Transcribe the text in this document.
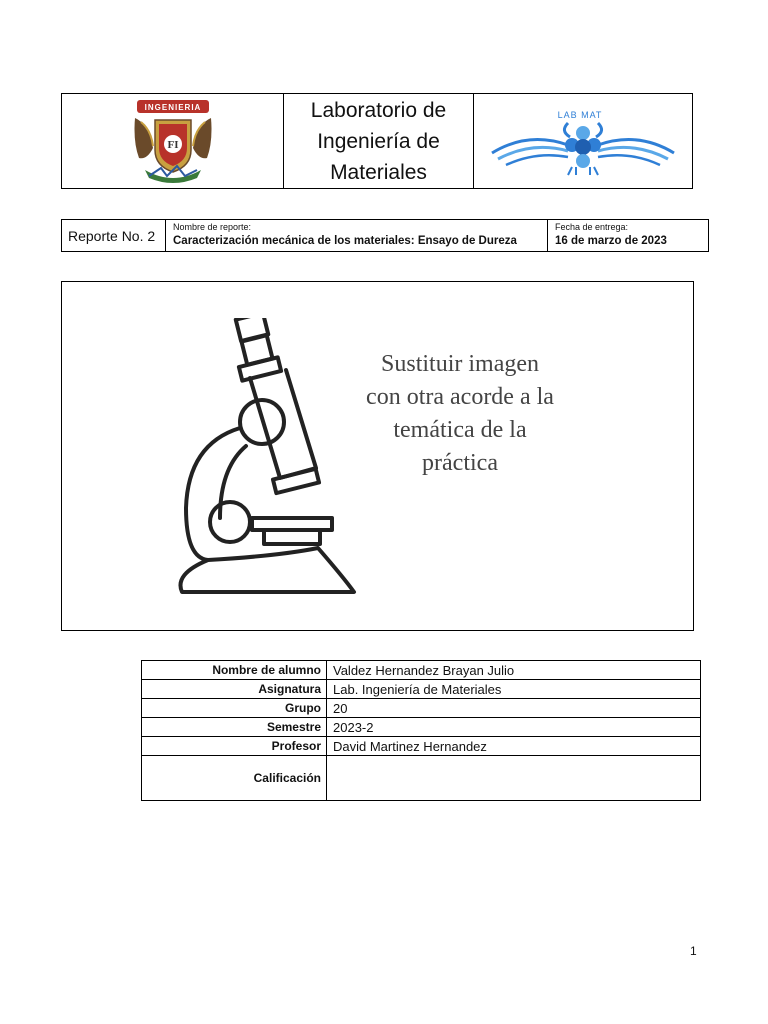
INGENIERIA
FI
Laboratorio de
Ingeniería de
Materiales
LAB MAT
Reporte No. 2
Nombre de reporte:
Caracterización mecánica de los materiales: Ensayo de Dureza
Fecha de entrega:
16 de marzo de 2023
Sustituir imagen
con otra acorde a la
temática de la
práctica
Nombre de alumno	Valdez Hernandez Brayan Julio
Asignatura	Lab. Ingeniería de Materiales
Grupo	20
Semestre	2023-2
Profesor	David Martinez Hernandez
Calificación	
1
